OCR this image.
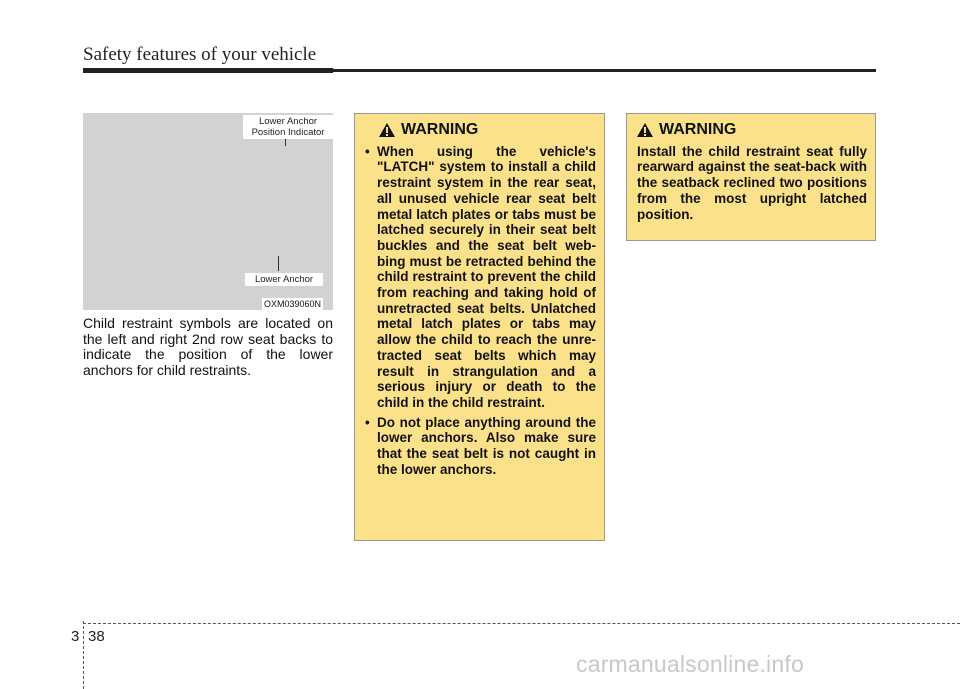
Safety features of your vehicle
Lower Anchor
Position Indicator
Lower Anchor
OXM039060N
Child restraint symbols are located on the left and right 2nd row seat backs to indicate the position of the lower anchors for child restraints.
WARNING
• When using the vehicle's "LATCH" system to install a child restraint system in the rear seat, all unused vehicle rear seat belt metal latch plates or tabs must be latched securely in their seat belt buckles and the seat belt web-bing must be retracted behind the child restraint to prevent the child from reaching and taking hold of unretracted seat belts. Unlatched metal latch plates or tabs may allow the child to reach the unre-tracted seat belts which may result in strangulation and a serious injury or death to the child in the child restraint.
• Do not place anything around the lower anchors. Also make sure that the seat belt is not caught in the lower anchors.
WARNING

Install the child restraint seat fully rearward against the seat-back with the seatback reclined two positions from the most upright latched position.

3 38
carmanualsonline.info
